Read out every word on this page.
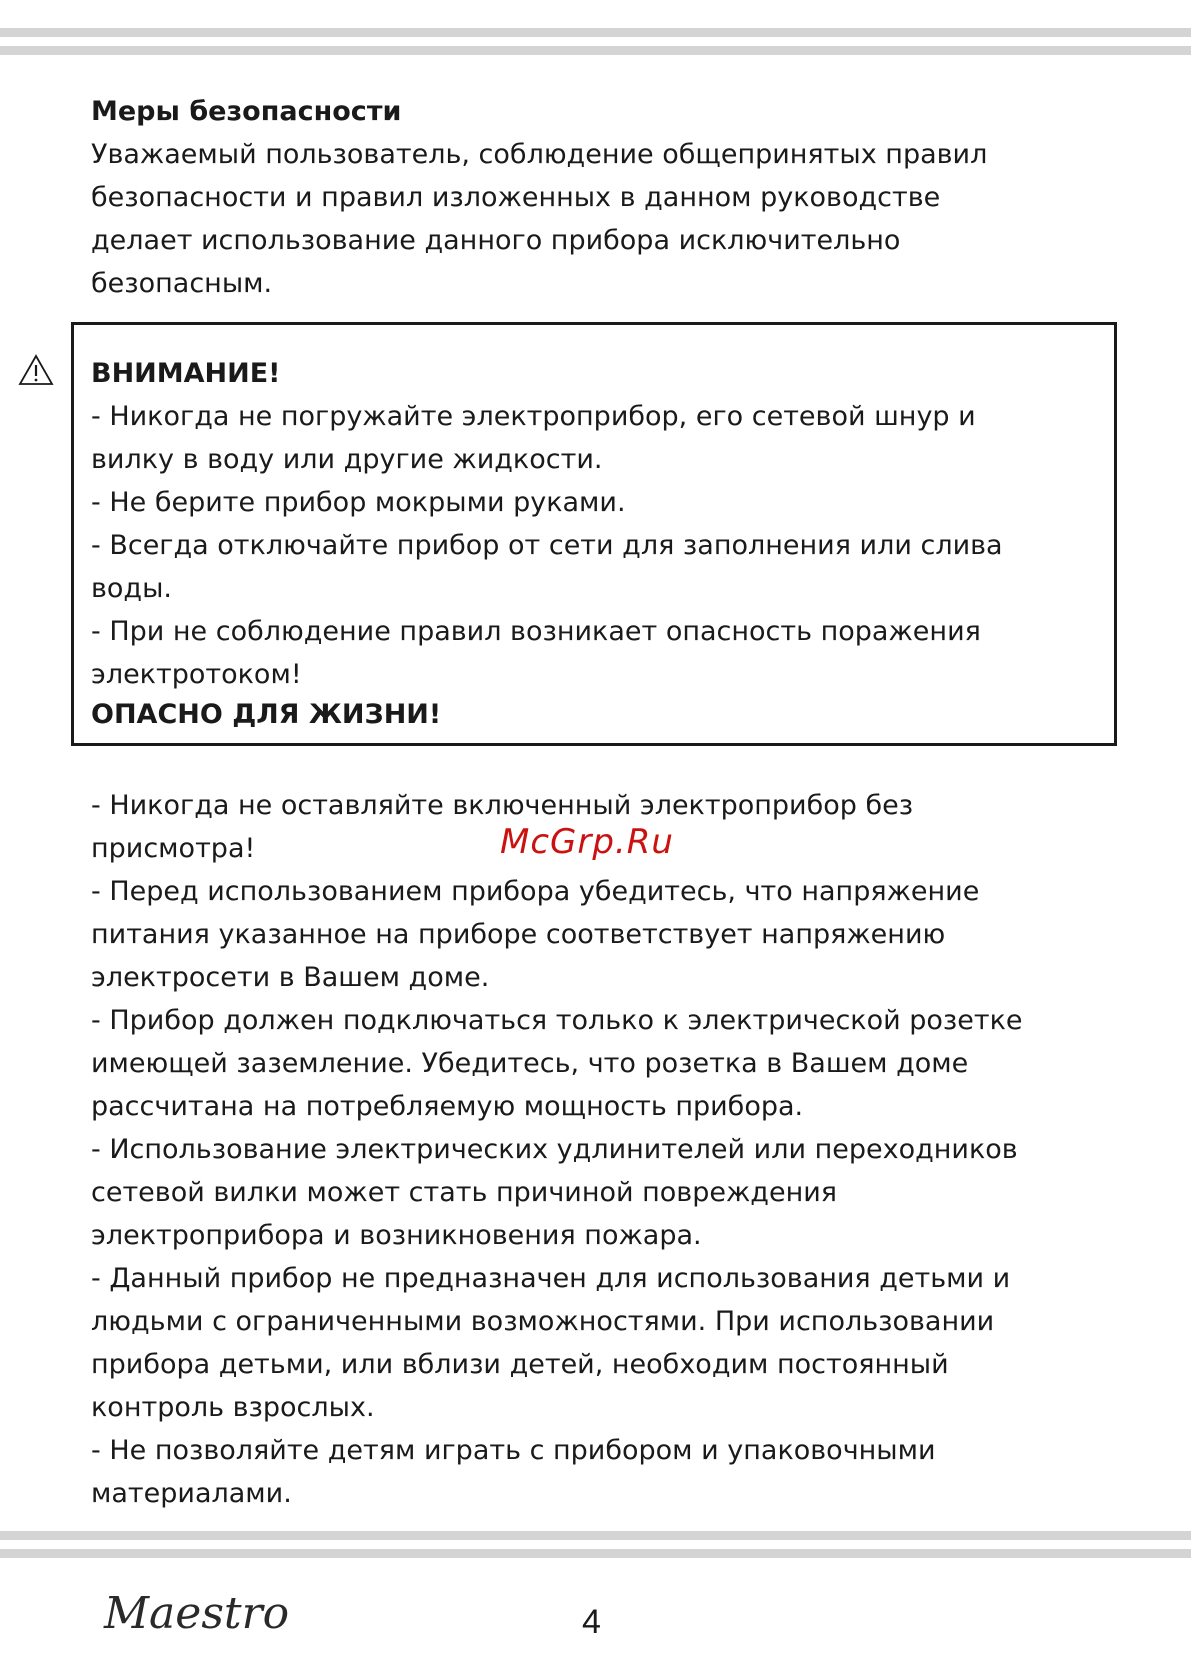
Меры безопасности

Уважаемый пользователь, соблюдение общепринятых правил

безопасности и правил изложенных в данном руководстве

делает использование данного прибора исключительно

безопасным.

ВНИМАНИЕ!

- Никогда не погружайте электроприбор, его сетевой шнур и

вилку в воду или другие жидкости.

- Не берите прибор мокрыми руками.

- Всегда отключайте прибор от сети для заполнения или слива

воды.

- При не соблюдение правил возникает опасность поражения

электротоком!

ОПАСНО ДЛЯ ЖИЗНИ!

- Никогда не оставляйте включенный электроприбор без

присмотра!

- Перед использованием прибора убедитесь, что напряжение

питания указанное на приборе соответствует напряжению

электросети в Вашем доме.

- Прибор должен подключаться только к электрической розетке

имеющей заземление. Убедитесь, что розетка в Вашем доме

рассчитана на потребляемую мощность прибора.

- Использование электрических удлинителей или переходников

сетевой вилки может стать причиной повреждения

электроприбора и возникновения пожара.

- Данный прибор не предназначен для использования детьми и

людьми с ограниченными возможностями. При использовании

прибора детьми, или вблизи детей, необходим постоянный

контроль взрослых.

- Не позволяйте детям играть с прибором и упаковочными

материалами.

McGrp.Ru
Maestro	4
